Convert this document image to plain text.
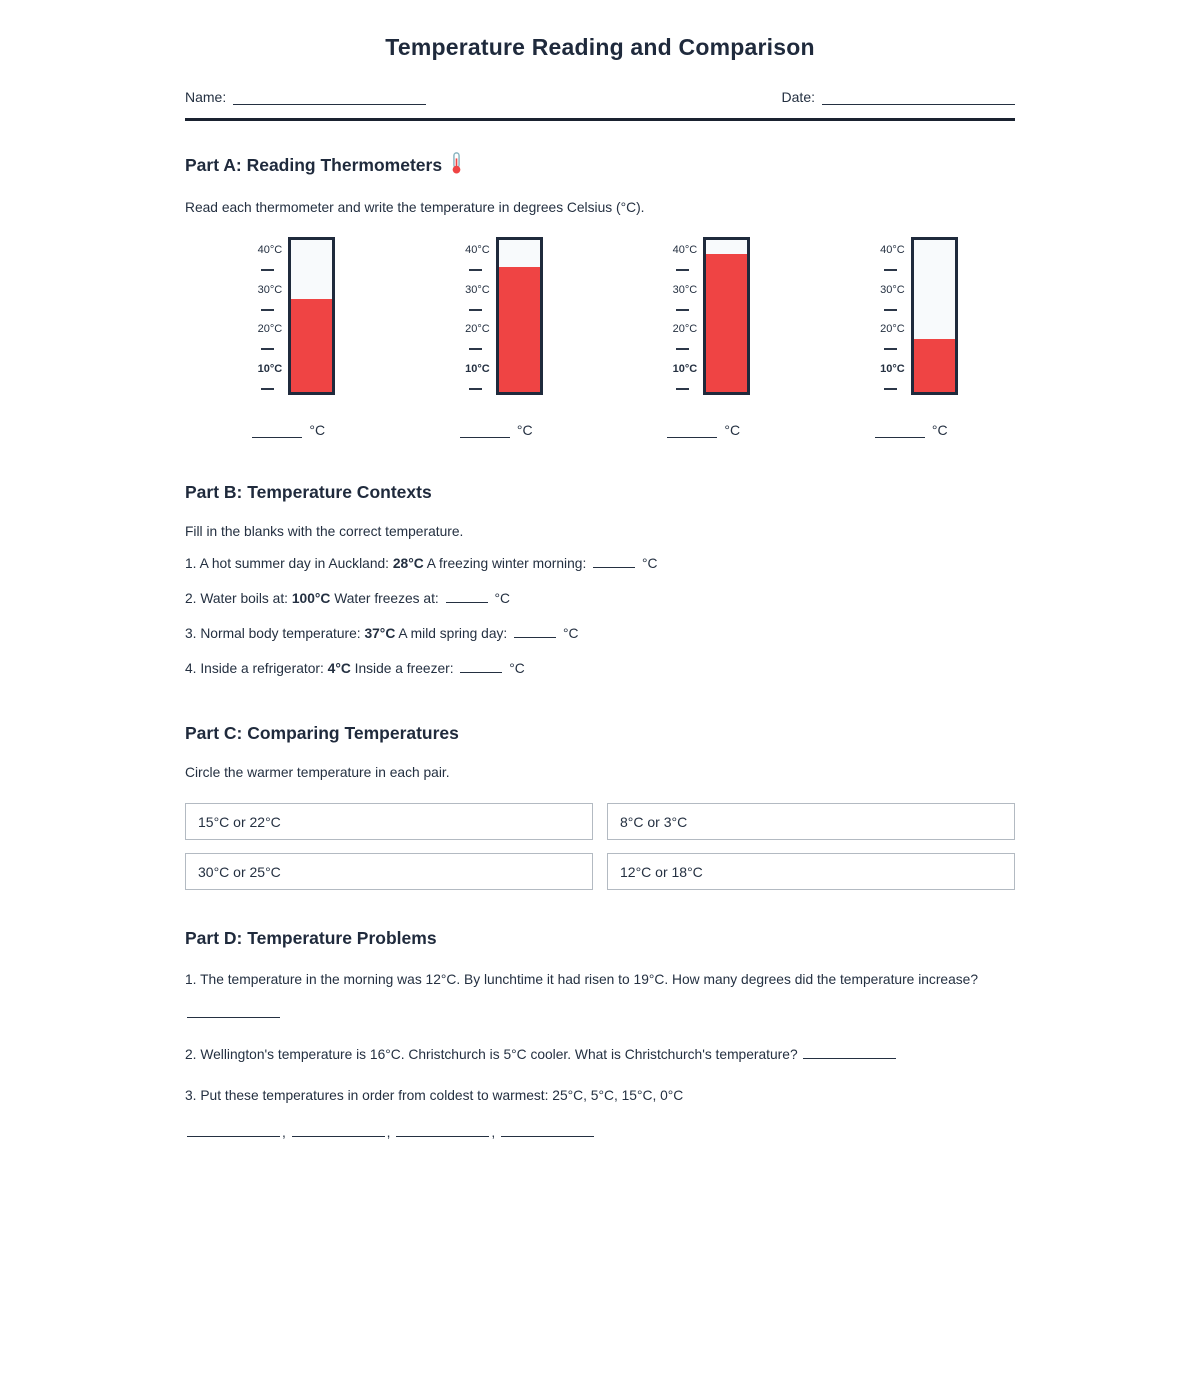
Temperature Reading and Comparison
Name:	Date:
Part A: Reading Thermometers
Read each thermometer and write the temperature in degrees Celsius (°C).
40°C
30°C
20°C
10°C
°C
40°C
30°C
20°C
10°C
°C
40°C
30°C
20°C
10°C
°C
40°C
30°C
20°C
10°C
°C
Part B: Temperature Contexts
Fill in the blanks with the correct temperature.
1. A hot summer day in Auckland: 28°C A freezing winter morning:	°C
2. Water boils at: 100°C Water freezes at:	°C
3. Normal body temperature: 37°C A mild spring day:	°C
4. Inside a refrigerator: 4°C Inside a freezer:	°C
Part C: Comparing Temperatures
Circle the warmer temperature in each pair.
15°C or 22°C	8°C or 3°C
30°C or 25°C	12°C or 18°C
Part D: Temperature Problems
1. The temperature in the morning was 12°C. By lunchtime it had risen to 19°C. How many degrees did the temperature increase?
2. Wellington's temperature is 16°C. Christchurch is 5°C cooler. What is Christchurch's temperature?
3. Put these temperatures in order from coldest to warmest: 25°C, 5°C, 15°C, 0°C
,	,	,
